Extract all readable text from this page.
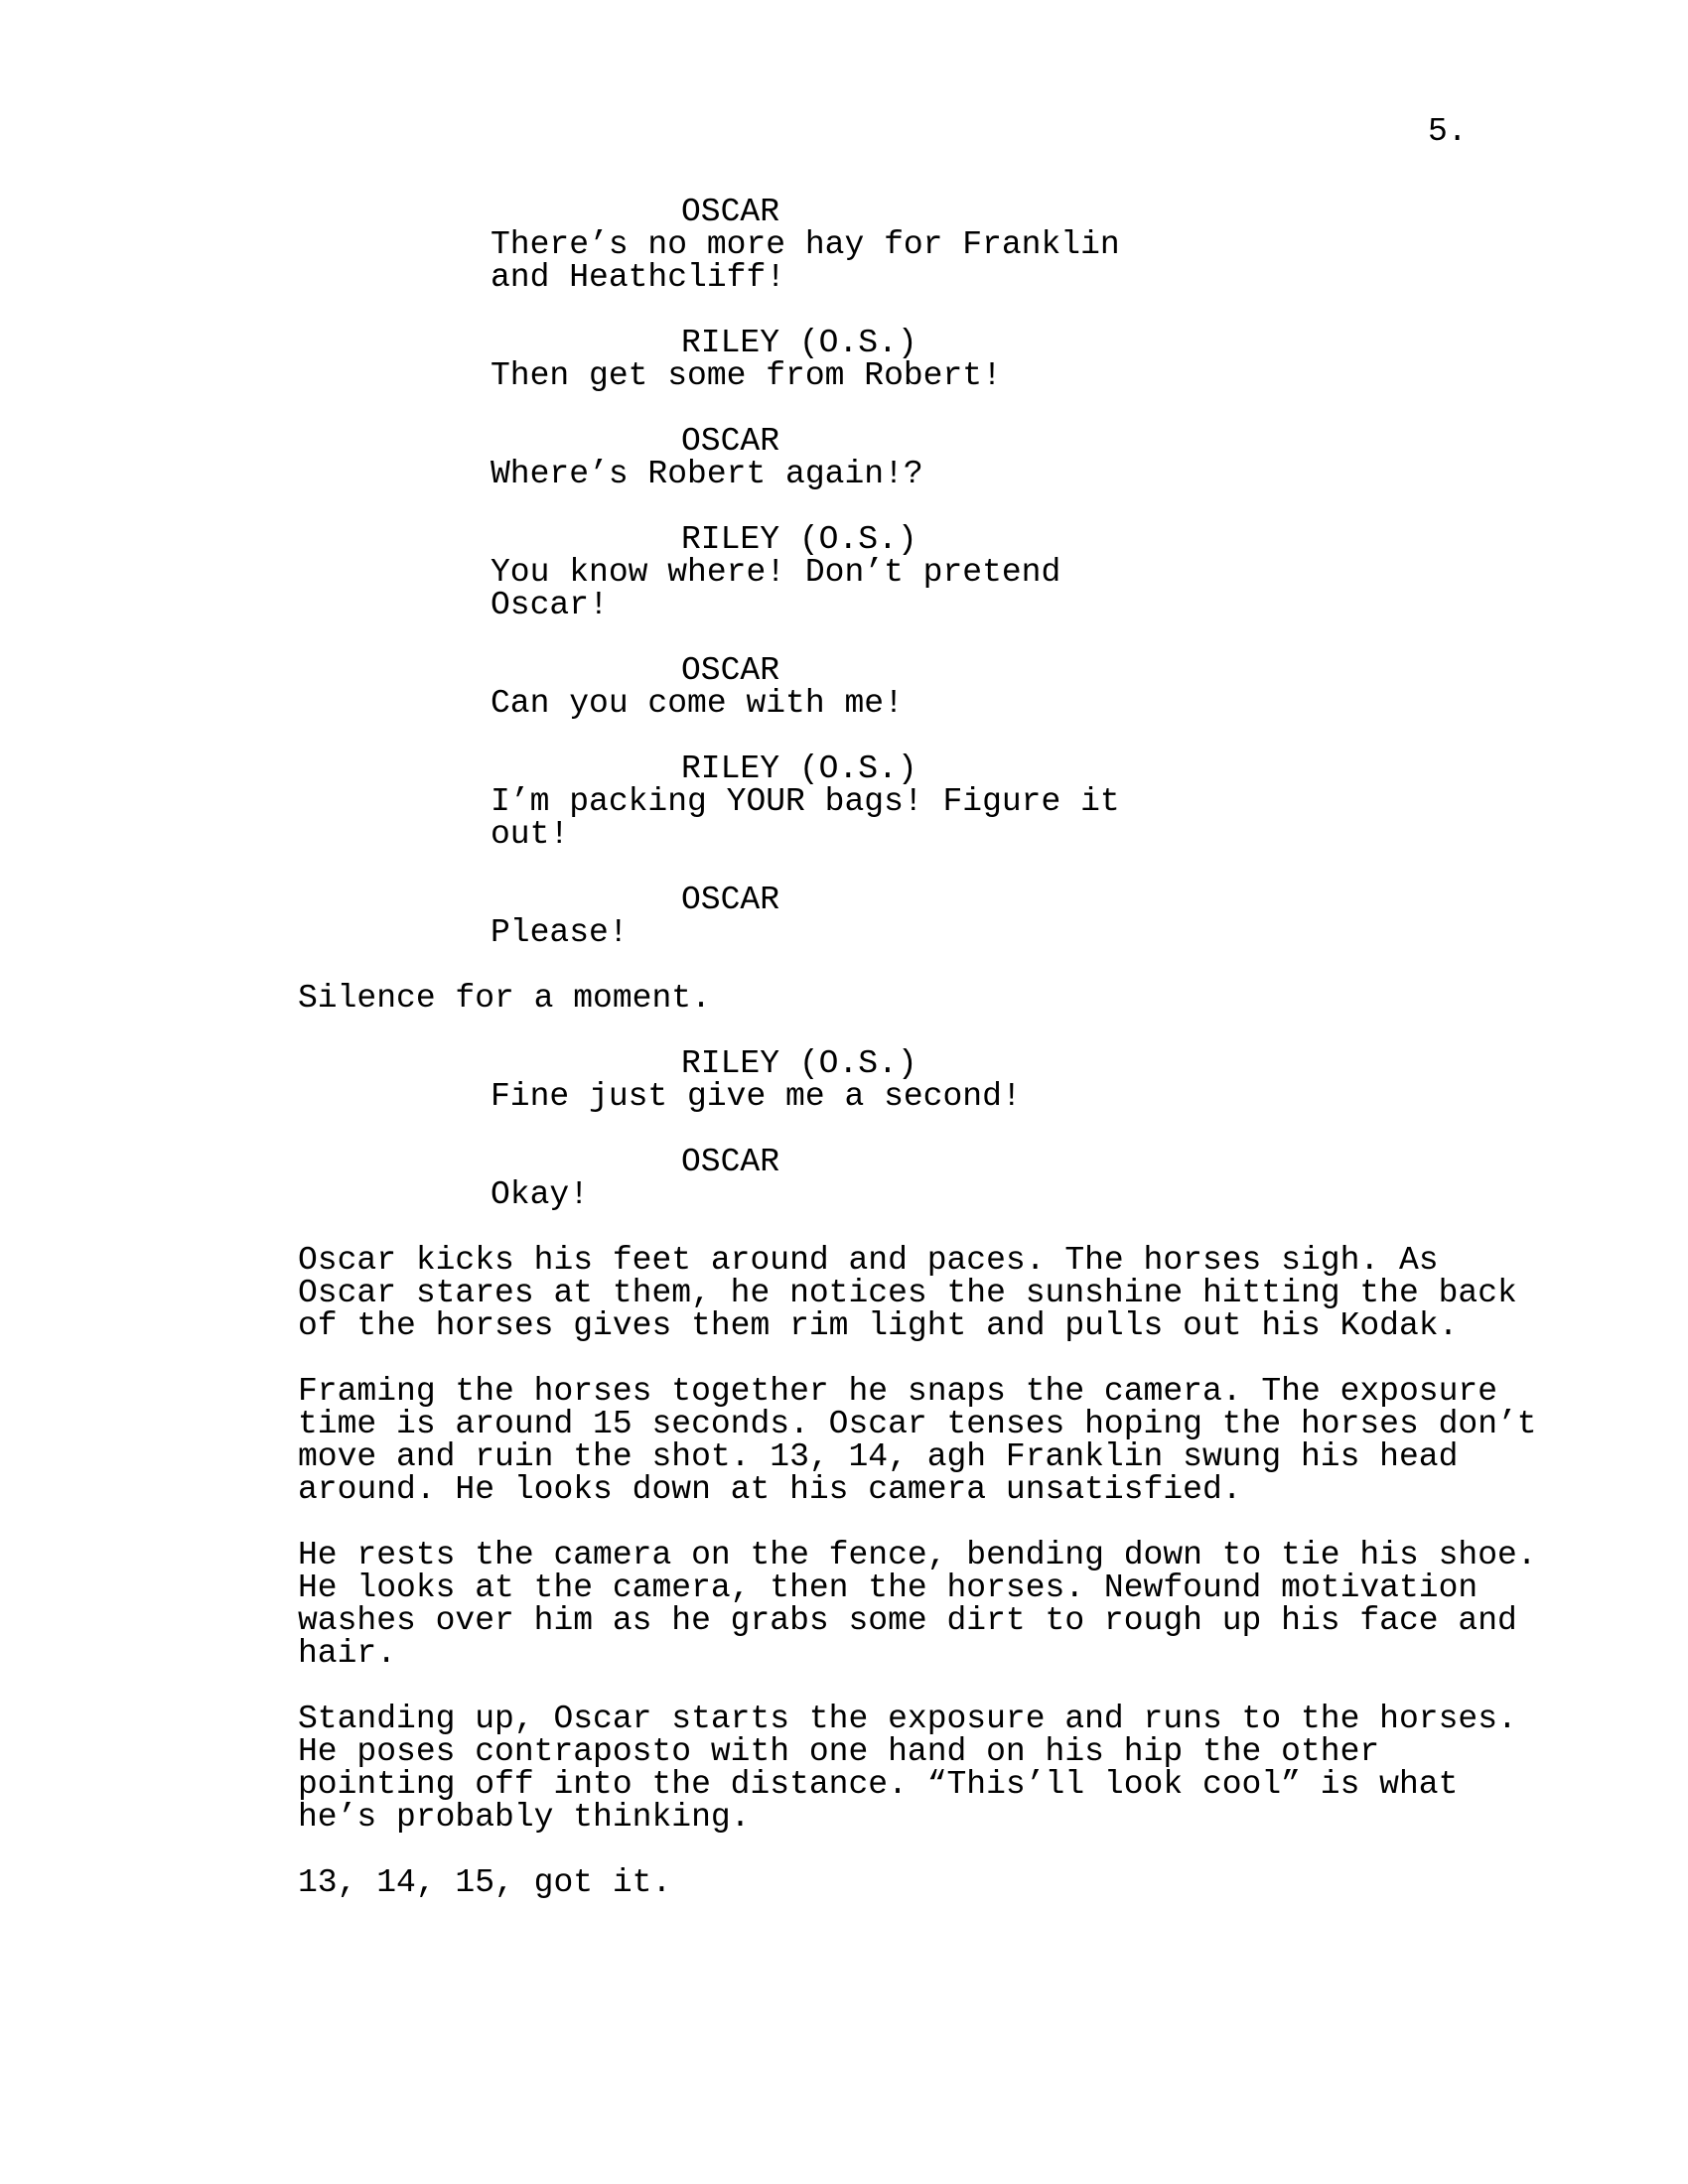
5.
OSCAR
There’s no more hay for Franklin
and Heathcliff!
RILEY (O.S.)
Then get some from Robert!
OSCAR
Where’s Robert again!?
RILEY (O.S.)
You know where! Don’t pretend
Oscar!
OSCAR
Can you come with me!
RILEY (O.S.)
I’m packing YOUR bags! Figure it
out!
OSCAR
Please!
Silence for a moment.
RILEY (O.S.)
Fine just give me a second!
OSCAR
Okay!
Oscar kicks his feet around and paces. The horses sigh. As
Oscar stares at them, he notices the sunshine hitting the back
of the horses gives them rim light and pulls out his Kodak.
Framing the horses together he snaps the camera. The exposure
time is around 15 seconds. Oscar tenses hoping the horses don’t
move and ruin the shot. 13, 14, agh Franklin swung his head
around. He looks down at his camera unsatisfied.
He rests the camera on the fence, bending down to tie his shoe.
He looks at the camera, then the horses. Newfound motivation
washes over him as he grabs some dirt to rough up his face and
hair.
Standing up, Oscar starts the exposure and runs to the horses.
He poses contraposto with one hand on his hip the other
pointing off into the distance. “This’ll look cool” is what
he’s probably thinking.
13, 14, 15, got it.
